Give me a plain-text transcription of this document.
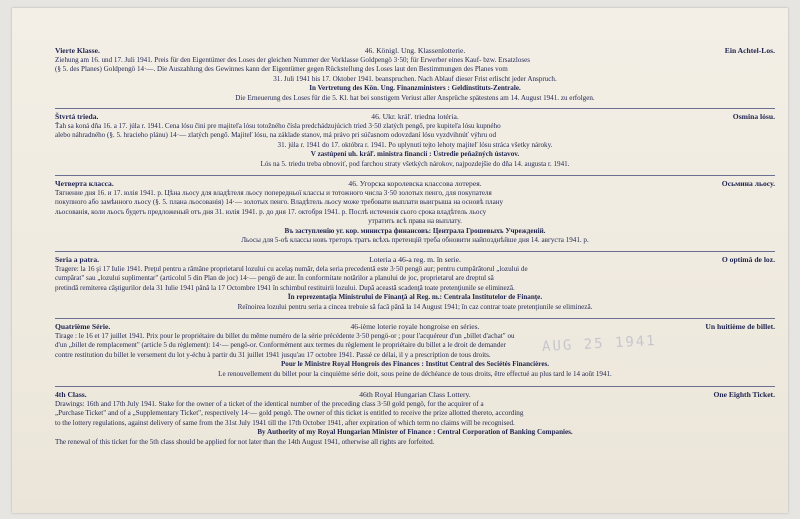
Vierte Klasse.	46. Königl. Ung. Klassenlotterie.	Ein Achtel-Los.
Ziehung am 16. und 17. Juli 1941. Preis für den Eigentümer des Loses der gleichen Nummer der Vorklasse Goldpengö 3·50; für Erwerber eines Kauf- bzw. Ersatzloses
(§ 5. des Planes) Goldpengö 14·—. Die Auszahlung des Gewinnes kann der Eigentümer gegen Rückstellung des Loses laut den Bestimmungen des Planes vom
31. Juli 1941 bis 17. Oktober 1941. beanspruchen. Nach Ablauf dieser Frist erlischt jeder Anspruch.
In Vertretung des Kön. Ung. Finanzministers : Geldinstituts-Zentrale.
Die Erneuerung des Loses für die 5. Kl. hat bei sonstigem Veriust aller Ansprüche spätestens am 14. August 1941. zu erfolgen.
Štvrtá trieda.	46. Ukr. kráľ. triedna lotéria.	Osmina lósu.
Ťah sa koná dňa 16. a 17. júla r. 1941. Cena lósu čini pre majiteľa lósu totožného čísla predchádzujúcich tried 3·50 zlatých pengő, pre kupiteľa lósu kupného
alebo náhradného (§. 5. hracieho plánu) 14·— zlatých pengő. Majiteľ lósu, na základe stanov, má právo pri súčasnom odovzdaní lósu vyzdvihnúť výhru od
31. júla r. 1941 do 17. októbra r. 1941. Po uplynutí tejto lehoty majiteľ lósu stráca všetky nároky.
V zastúpení uh. kráľ. ministra financií : Ústredie peňažných ústavov.
Lós na 5. triedu treba obnoviť, pod farchou straty všetkých nárokov, najpozdejšie do dňa 14. augusta r. 1941.
Четверта класса.	46. Угорска королевска классова лотерея.	Осьмина льосу.
Тягнение дня 16. и 17. юлія 1941. р. Цѣна льосу для владѣтеля льосу попередньої классы и тотожного числа 3·50 золотых пенго, для покупателя
покупного або замѣнного льосу (§. 5. плана льосованія) 14·— золотых пенго. Владѣтель льосу може требовати выплати выигрыша на основѣ плану
льосованія, коли льосъ будетъ предложеный отъ дня 31. юлія 1941. р. до дня 17. октобря 1941. р. Послѣ истеченія сього срока владѣтель льосу
утратить всѣ права на выплату.
Въ заступленію уг. кор. министра финансовъ: Централа Грошевыхъ Учрежденій.
Льосы для 5-оѣ классы новъ треторъ тратъ всѣхъ претенцій треба обновити найпозднѣйше дня 14. августа 1941. р.
Seria a patra.	Loteria a 46-a reg. m. în serie.	O optimă de loz.
Tragere: la 16 şi 17 Iulie 1941. Preţul pentru a rămâne proprietarul lozului cu acelaş număr, dela seria precedentă este 3·50 pengö aur; pentru cumpărătorul „lozului de
cumpărat" sau „lozului suplimentar" (articolul 5 din Plan de joc) 14·— pengö de aur. În conformitate notărilor a planului de joc, proprietarul are dreptul să
pretindă remiterea câştigurilor dela 31 Iulie 1941 până la 17 Octombre 1941 în schimbul restituirii lozului. După această scadenţă toate pretenţiunile se elimineză.
În reprezentaţia Ministrului de Finanţă al Reg. m.: Centrala Institutelor de Finanţe.
Reînoirea lozului pentru seria a cincea trebuie să facă până la 14 August 1941; în caz contrar toate pretenţiunile se elimineză.
Quatrième Série.	46-ième loterie royale hongroise en séries.	Un huitième de billet.
Tirage : le 16 et 17 juillet 1941. Prix pour le propriétaire du billet du même numéro de la série précédente 3·50 pengö-or ; pour l'acquéreur d'un „billet d'achat" ou
d'un „billet de remplacement" (article 5 du règlement): 14·— pengö-or. Conformément aux termes du règlement le propriétaire du billet a le droit de demander
contre restitution du billet le versement du lot y-échu à partir du 31 juillet 1941 jusqu'au 17 octobre 1941. Passé ce délai, il y a prescription de tous droits.
Pour le Ministre Royal Hongrois des Finances : Institut Central des Sociétés Financières.
Le renouvellement du billet pour la cinquième série doit, sous peine de déchéance de tous droits, être effectué au plus tard le 14 août 1941.
4th Class.	46th Royal Hungarian Class Lottery.	One Eighth Ticket.
Drawings: 16th and 17th July 1941. Stake for the owner of a ticket of the identical number of the preceding class 3·50 gold pengö, for the acquirer of a
„Purchase Ticket" and of a „Supplementary Ticket", respectively 14·— gold pengö. The owner of this ticket is entitled to receive the prize allotted thereto, according
to the lottery regulations, against delivery of same from the 31st July 1941 till the 17th October 1941, after expiration of which term no claims will be recognised.
By Authority of my Royal Hungarian Minister of Finance : Central Corporation of Banking Companies.
The renewal of this ticket for the 5th class should be applied for not later than the 14th August 1941, otherwise all rights are forfeited.
AUG 25 1941
